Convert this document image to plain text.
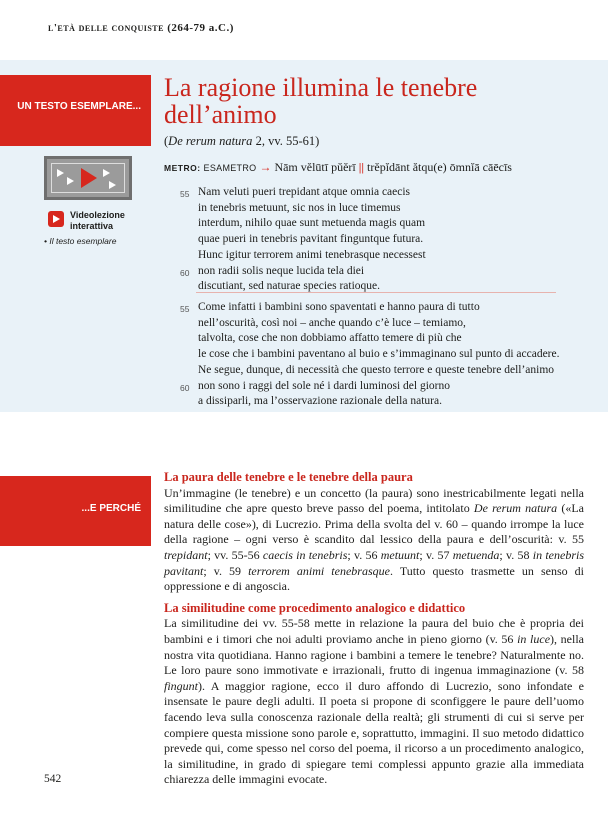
l'età delle conquiste (264-79 a.C.)
UN TESTO ESEMPLARE...
La ragione illumina le tenebre dell’animo
(De rerum natura 2, vv. 55-61)
METRO: ESAMETRO → Nām vĕlūtī pŭĕrī || trĕpĭdānt ătqu(e) ōmnĭā cāēcīs
Videolezione interattiva
• Il testo esemplare
55 Nam veluti pueri trepidant atque omnia caecis
in tenebris metuunt, sic nos in luce timemus
interdum, nihilo quae sunt metuenda magis quam
quae pueri in tenebris pavitant finguntque futura.
Hunc igitur terrorem animi tenebrasque necessest
60 non radii solis neque lucida tela diei
discutiant, sed naturae species ratioque.
55 Come infatti i bambini sono spaventati e hanno paura di tutto
nell’oscurità, così noi – anche quando c’è luce – temiamo,
talvolta, cose che non dobbiamo affatto temere di più che
le cose che i bambini paventano al buio e s’immaginano sul punto di accadere.
Ne segue, dunque, di necessità che questo terrore e queste tenebre dell’animo
60 non sono i raggi del sole né i dardi luminosi del giorno
a dissiparli, ma l’osservazione razionale della natura.
...E PERCHÉ
La paura delle tenebre e le tenebre della paura

Un’immagine (le tenebre) e un concetto (la paura) sono inestricabilmente legati nella similitudine che apre questo breve passo del poema, intitolato De rerum natura («La natura delle cose»), di Lucrezio. Prima della svolta del v. 60 – quando irrompe la luce della ragione – ogni verso è scandito dal lessico della paura e dell’oscurità: v. 55 trepidant; vv. 55-56 caecis in tenebris; v. 56 metuunt; v. 57 metuenda; v. 58 in tenebris pavitant; v. 59 terrorem animi tenebrasque. Tutto questo trasmette un senso di oppressione e di angoscia.

La similitudine come procedimento analogico e didattico

La similitudine dei vv. 55-58 mette in relazione la paura del buio che è propria dei bambini e i timori che noi adulti proviamo anche in pieno giorno (v. 56 in luce), nella nostra vita quotidiana. Hanno ragione i bambini a temere le tenebre? Naturalmente no. Le loro paure sono immotivate e irrazionali, frutto di ingenua immaginazione (v. 58 fingunt). A maggior ragione, ecco il duro affondo di Lucrezio, sono infondate e insensate le paure degli adulti. Il poeta si propone di sconfiggere le paure dell’uomo facendo leva sulla conoscenza razionale della realtà; gli strumenti di cui si serve per compiere questa missione sono parole e, soprattutto, immagini. Il suo metodo didattico prevede qui, come spesso nel corso del poema, il ricorso a un procedimento analogico, la similitudine, in grado di spiegare temi complessi appunto grazie alla immediata chiarezza delle immagini evocate.

542
